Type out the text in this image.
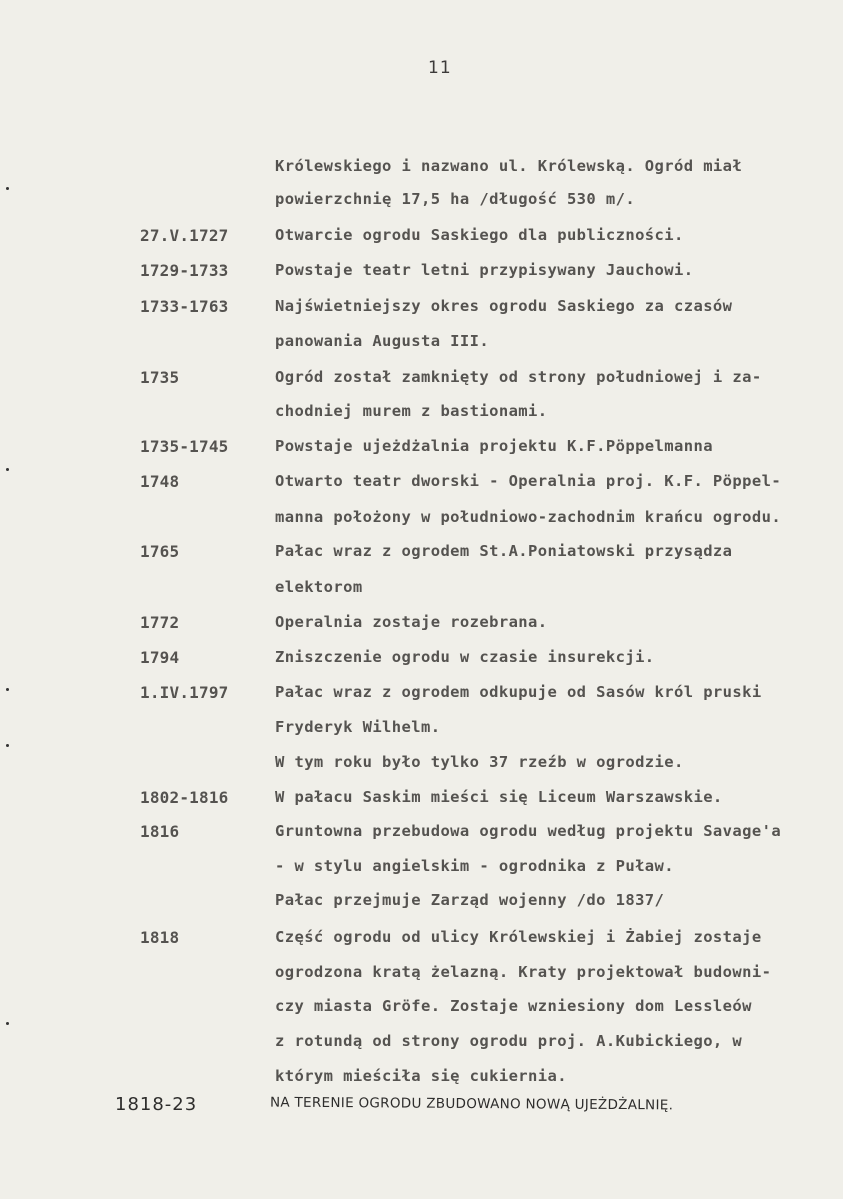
11
Królewskiego i nazwano ul. Królewską. Ogród miał
powierzchnię 17,5 ha /długość 530 m/.
27.V.1727	Otwarcie ogrodu Saskiego dla publiczności.
1729-1733	Powstaje teatr letni przypisywany Jauchowi.
1733-1763	Najświetniejszy okres ogrodu Saskiego za czasów
panowania Augusta III.
1735	Ogród został zamknięty od strony południowej i za-
chodniej murem z bastionami.
1735-1745	Powstaje ujeżdżalnia projektu K.F.Pöppelmanna
1748	Otwarto teatr dworski - Operalnia proj. K.F. Pöppel-
manna położony w południowo-zachodnim krańcu ogrodu.
1765	Pałac wraz z ogrodem St.A.Poniatowski przysądza
elektorom
1772	Operalnia zostaje rozebrana.
1794	Zniszczenie ogrodu w czasie insurekcji.
1.IV.1797	Pałac wraz z ogrodem odkupuje od Sasów król pruski
Fryderyk Wilhelm.
W tym roku było tylko 37 rzeźb w ogrodzie.
1802-1816	W pałacu Saskim mieści się Liceum Warszawskie.
1816	Gruntowna przebudowa ogrodu według projektu Savage'a
- w stylu angielskim - ogrodnika z Puław.
Pałac przejmuje Zarząd wojenny /do 1837/
1818	Część ogrodu od ulicy Królewskiej i Żabiej zostaje
ogrodzona kratą żelazną. Kraty projektował budowni-
czy miasta Gröfe. Zostaje wzniesiony dom Lessleów
z rotundą od strony ogrodu proj. A.Kubickiego, w
którym mieściła się cukiernia.
1818-23	NA TERENIE OGRODU ZBUDOWANO NOWĄ UJEŻDŻALNIĘ.
